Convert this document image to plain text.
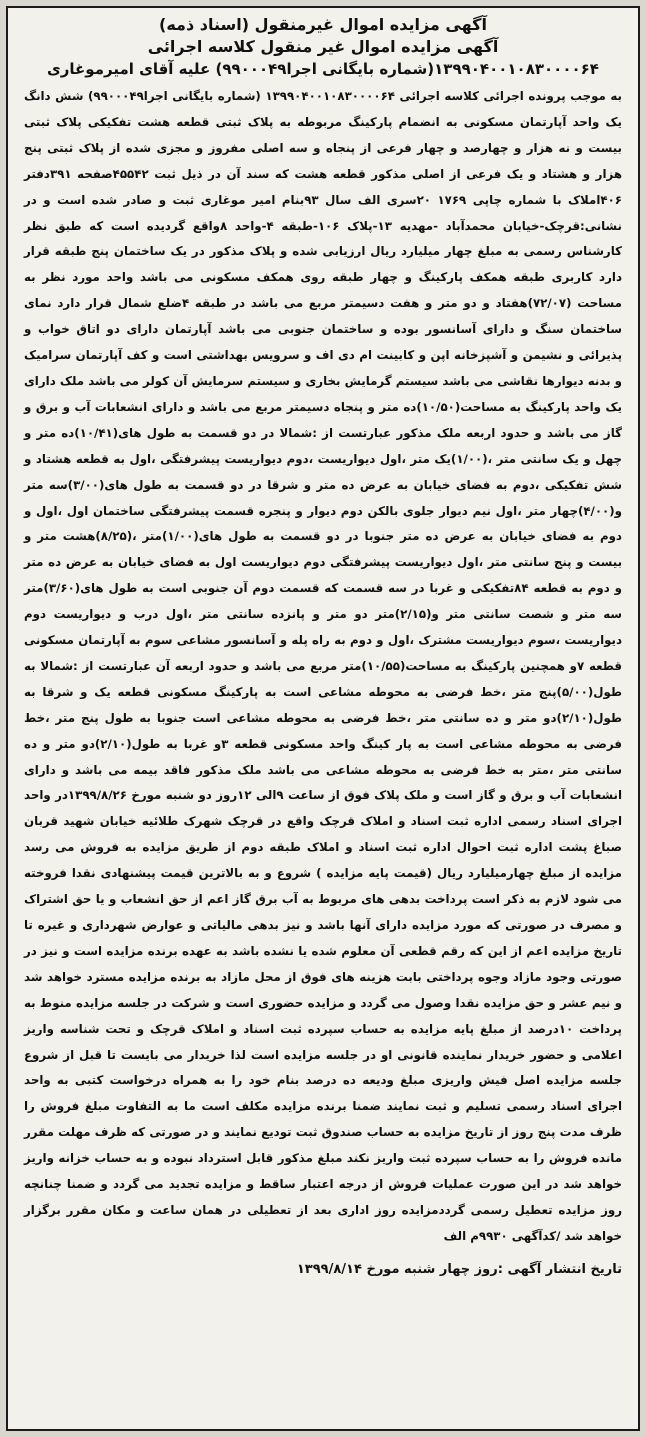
آگهی مزایده اموال غیرمنقول (اسناد ذمه)
آگهی مزایده اموال غیر منقول کلاسه اجرائی
۱۳۹۹۰۴۰۰۱۰۸۳۰۰۰۰۶۴(شماره بایگانی اجرا۹۹۰۰۰۴۹) علیه آقای امیرموغاری
به موجب پرونده اجرائی کلاسه اجرائی ۱۳۹۹۰۴۰۰۱۰۸۳۰۰۰۰۶۴ (شماره بایگانی اجرا۹۹۰۰۰۴۹) شش دانگ یک واحد آپارتمان مسکونی به انضمام پارکینگ مربوطه به پلاک ثبتی قطعه هشت تفکیکی پلاک ثبتی بیست و نه هزار و چهارصد و چهار فرعی از پنجاه و سه اصلی مفروز و مجزی شده از پلاک ثبتی پنج هزار و هشتاد و یک فرعی از اصلی مذکور قطعه هشت که سند آن در ذیل ثبت ۴۵۵۴۲صفحه ۳۹۱دفتر ۴۰۶املاک با شماره چاپی ۱۷۶۹ ۲۰سری الف سال ۹۳بنام امیر موغاری ثبت و صادر شده است و در نشانی:قرچک-خیابان محمدآباد -مهدیه ۱۳-پلاک ۱۰۶-طبقه ۴-واحد ۸واقع گردیده است که طبق نظر کارشناس رسمی به مبلغ چهار میلیارد ریال ارزیابی شده و پلاک مذکور در یک ساختمان پنج طبقه قرار دارد کاربری طبقه همکف پارکینگ و چهار طبقه روی همکف مسکونی می باشد واحد مورد نظر به مساحت (۷۲/۰۷)هفتاد و دو متر و هفت دسیمتر مربع می باشد در طبقه ۴ضلع شمال قرار دارد نمای ساختمان سنگ و دارای آسانسور بوده و ساختمان جنوبی می باشد آپارتمان دارای دو اتاق خواب و پذیرائی و نشیمن و آشپزخانه اپن و کابینت ام دی اف و سرویس بهداشتی است و کف آپارتمان سرامیک و بدنه دیوارها نقاشی می باشد سیستم گرمایش بخاری و سیستم سرمایش آن کولر می باشد ملک دارای یک واحد پارکینگ به مساحت(۱۰/۵۰)ده متر و پنجاه دسیمتر مربع می باشد و دارای انشعابات آب و برق و گاز می باشد و حدود اربعه ملک مذکور عبارتست از :شمالا در دو قسمت به طول های(۱۰/۴۱)ده متر و چهل و یک سانتی متر ،(۱/۰۰)یک متر ،اول دیواریست ،دوم دیواریست پیشرفتگی ،اول به قطعه هشتاد و شش تفکیکی ،دوم به فضای خیابان به عرض ده متر و شرقا در دو قسمت به طول های(۳/۰۰)سه متر و(۴/۰۰)چهار متر ،اول نیم دیوار جلوی بالکن دوم دیوار و پنجره قسمت پیشرفتگی ساختمان اول ،اول و دوم به فضای خیابان به عرض ده متر جنوبا در دو قسمت به طول های(۱/۰۰)متر ،(۸/۲۵)هشت متر و بیست و پنج سانتی متر ،اول دیواریست پیشرفتگی دوم دیواریست اول به فضای خیابان به عرض ده متر و دوم به قطعه ۸۴تفکیکی و غربا در سه قسمت که قسمت دوم آن جنوبی است به طول های(۳/۶۰)متر سه متر و شصت سانتی متر و(۲/۱۵)متر دو متر و پانزده سانتی متر ،اول درب و دیواریست دوم دیواریست ،سوم دیواریست مشترک ،اول و دوم به راه پله و آسانسور مشاعی سوم به آپارتمان مسکونی قطعه ۷و همچنین پارکینگ به مساحت(۱۰/۵۵)متر مربع می باشد و حدود اربعه آن عبارتست از :شمالا به طول(۵/۰۰)پنج متر ،خط فرضی به محوطه مشاعی است به پارکینگ مسکونی قطعه یک و شرقا به طول(۲/۱۰)دو متر و ده سانتی متر ،خط فرضی به محوطه مشاعی است جنوبا به طول پنج متر ،خط فرضی به محوطه مشاعی است به پار کینگ واحد مسکونی قطعه ۳و غربا به طول(۲/۱۰)دو متر و ده سانتی متر ،متر به خط فرضی به محوطه مشاعی می باشد ملک مذکور فاقد بیمه می باشد و دارای انشعابات آب و برق و گاز است و ملک پلاک فوق از ساعت ۹الی ۱۲روز دو شنبه مورخ ۱۳۹۹/۸/۲۶در واحد اجرای اسناد رسمی اداره ثبت اسناد و املاک قرچک واقع در قرچک شهرک طلائیه خیابان شهید قربان صباغ پشت اداره ثبت احوال اداره ثبت اسناد و املاک طبقه دوم از طریق مزایده به فروش می رسد مزایده از مبلغ چهارمیلیارد ریال (قیمت پایه مزایده ) شروع و به بالاترین قیمت پیشنهادی نقدا فروخته می شود لازم به ذکر است پرداخت بدهی های مربوط به آب برق گاز اعم از حق انشعاب و یا حق اشتراک و مصرف در صورتی که مورد مزایده دارای آنها باشد و نیز بدهی مالیاتی و عوارض شهرداری و غیره تا تاریخ مزایده اعم از این که رقم قطعی آن معلوم شده یا نشده باشد به عهده برنده مزایده است و نیز در صورتی وجود مازاد وجوه پرداختی بابت هزینه های فوق از محل مازاد به برنده مزایده مسترد خواهد شد و نیم عشر و حق مزایده نقدا وصول می گردد و مزایده حضوری است و شرکت در جلسه مزایده منوط به پرداخت ۱۰درصد از مبلغ پایه مزایده به حساب سپرده ثبت اسناد و املاک قرچک و تحت شناسه واریز اعلامی و حضور خریدار نماینده قانونی او در جلسه مزایده است لذا خریدار می بایست تا قبل از شروع جلسه مزایده اصل فیش واریزی مبلغ ودیعه ده درصد بنام خود را به همراه درخواست کتبی به واحد اجرای اسناد رسمی تسلیم و ثبت نمایند ضمنا برنده مزایده مکلف است ما به التفاوت مبلغ فروش را ظرف مدت پنج روز از تاریخ مزایده به حساب صندوق ثبت تودیع نمایند و در صورتی که ظرف مهلت مقرر مانده فروش را به حساب سپرده ثبت واریز نکند مبلغ مذکور قابل استرداد نبوده و به حساب خزانه واریز خواهد شد در این صورت عملیات فروش از درجه اعتبار ساقط و مزایده تجدید می گردد و ضمنا چنانچه روز مزایده تعطیل رسمی گرددمزایده روز اداری بعد از تعطیلی در همان ساعت و مکان مقرر برگزار خواهد شد /کدآگهی ۹۹۳۰م الف
تاریخ انتشار آگهی :روز چهار شنبه مورخ ۱۳۹۹/۸/۱۴
